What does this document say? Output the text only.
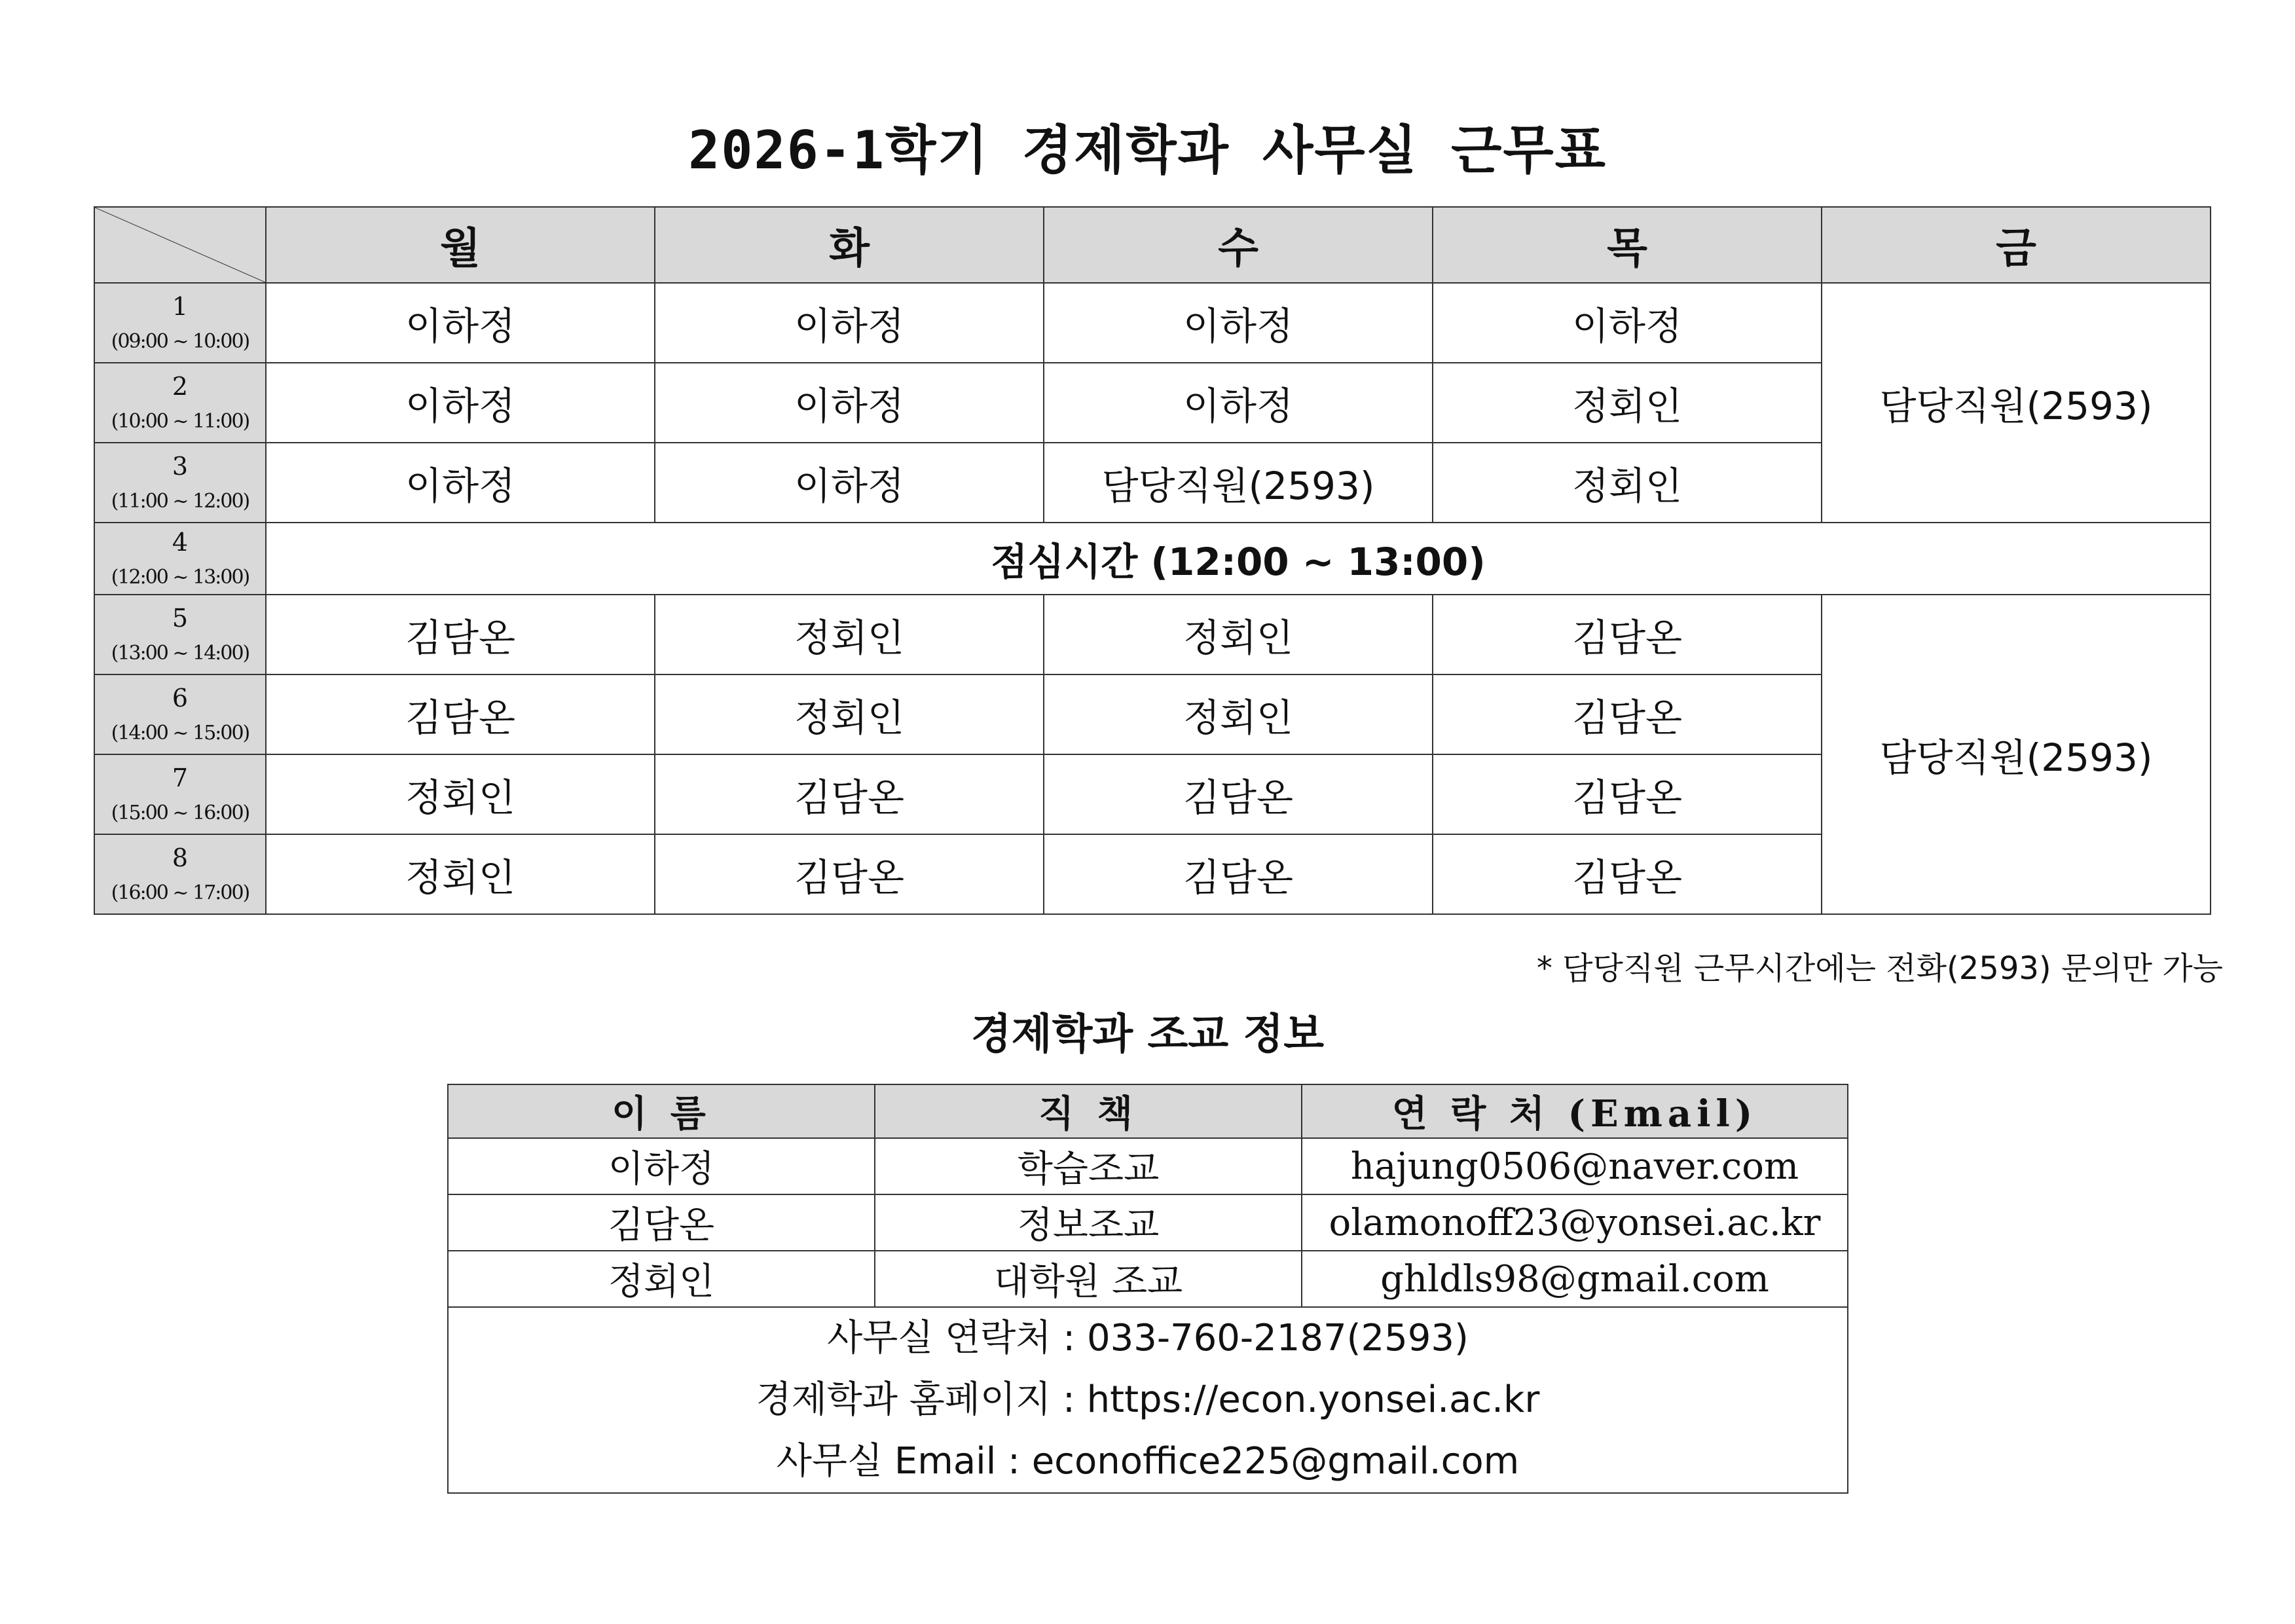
2026-1학기 경제학과 사무실 근무표
	월	화	수	목	금

1
(09:00 ~ 10:00)	이하정	이하정	이하정	이하정	담당직원(2593)

2
(10:00 ~ 11:00)	이하정	이하정	이하정	정회인	

3
(11:00 ~ 12:00)	이하정	이하정	담당직원(2593)	정회인	

4
(12:00 ~ 13:00)	점심시간 (12:00 ~ 13:00)				

5
(13:00 ~ 14:00)	김담온	정회인	정회인	김담온	담당직원(2593)

6
(14:00 ~ 15:00)	김담온	정회인	정회인	김담온	

7
(15:00 ~ 16:00)	정회인	김담온	김담온	김담온	

8
(16:00 ~ 17:00)	정회인	김담온	김담온	김담온	
* 담당직원 근무시간에는 전화(2593) 문의만 가능
경제학과 조교 정보
이 름	직 책	연 락 처 (Email)
이하정	학습조교	hajung0506@naver.com
김담온	정보조교	olamonoff23@yonsei.ac.kr
정회인	대학원 조교	ghldls98@gmail.com

사무실 연락처 : 033-760-2187(2593)
경제학과 홈페이지 : https://econ.yonsei.ac.kr
사무실 Email : econoffice225@gmail.com		
